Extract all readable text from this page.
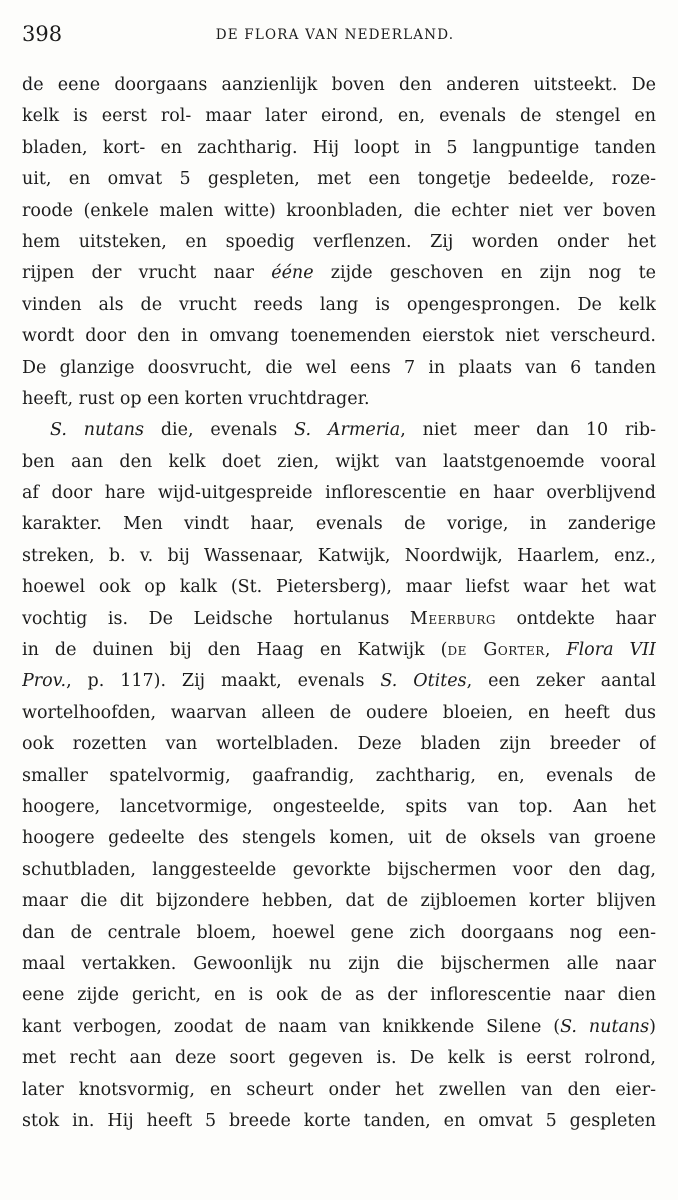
398	DE FLORA VAN NEDERLAND.
de eene doorgaans aanzienlijk boven den anderen uitsteekt. De
kelk is eerst rol- maar later eirond, en, evenals de stengel en
bladen, kort- en zachtharig. Hij loopt in 5 langpuntige tanden
uit, en omvat 5 gespleten, met een tongetje bedeelde, roze-
roode (enkele malen witte) kroonbladen, die echter niet ver boven
hem uitsteken, en spoedig verflenzen. Zij worden onder het
rijpen der vrucht naar ééne zijde geschoven en zijn nog te
vinden als de vrucht reeds lang is opengesprongen. De kelk
wordt door den in omvang toenemenden eierstok niet verscheurd.
De glanzige doosvrucht, die wel eens 7 in plaats van 6 tanden
heeft, rust op een korten vruchtdrager.
S. nutans die, evenals S. Armeria, niet meer dan 10 rib-
ben aan den kelk doet zien, wijkt van laatstgenoemde vooral
af door hare wijd-uitgespreide inflorescentie en haar overblijvend
karakter. Men vindt haar, evenals de vorige, in zanderige
streken, b. v. bij Wassenaar, Katwijk, Noordwijk, Haarlem, enz.,
hoewel ook op kalk (St. Pietersberg), maar liefst waar het wat
vochtig is. De Leidsche hortulanus Meerburg ontdekte haar
in de duinen bij den Haag en Katwijk (de Gorter, Flora VII
Prov., p. 117). Zij maakt, evenals S. Otites, een zeker aantal
wortelhoofden, waarvan alleen de oudere bloeien, en heeft dus
ook rozetten van wortelbladen. Deze bladen zijn breeder of
smaller spatelvormig, gaafrandig, zachtharig, en, evenals de
hoogere, lancetvormige, ongesteelde, spits van top. Aan het
hoogere gedeelte des stengels komen, uit de oksels van groene
schutbladen, langgesteelde gevorkte bijschermen voor den dag,
maar die dit bijzondere hebben, dat de zijbloemen korter blijven
dan de centrale bloem, hoewel gene zich doorgaans nog een-
maal vertakken. Gewoonlijk nu zijn die bijschermen alle naar
eene zijde gericht, en is ook de as der inflorescentie naar dien
kant verbogen, zoodat de naam van knikkende Silene (S. nutans)
met recht aan deze soort gegeven is. De kelk is eerst rolrond,
later knotsvormig, en scheurt onder het zwellen van den eier-
stok in. Hij heeft 5 breede korte tanden, en omvat 5 gespleten
